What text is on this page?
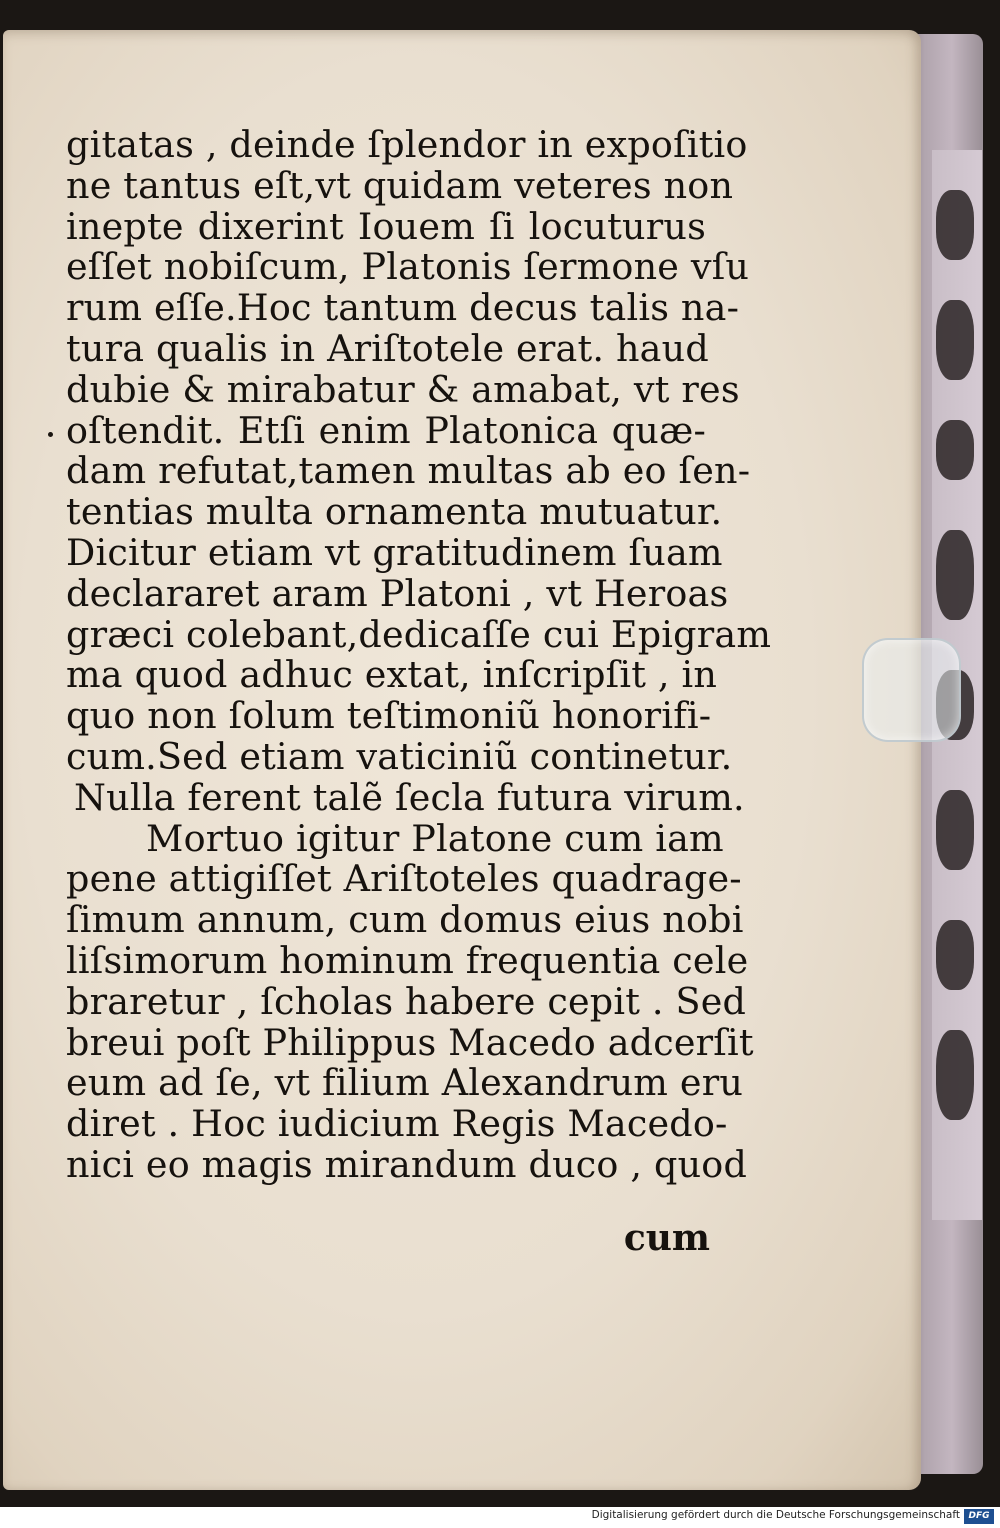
gitatas , deinde ſplendor in expoſitio
ne tantus eſt,vt quidam veteres non
inepte dixerint Iouem ſi locuturus
eſſet nobiſcum, Platonis ſermone vſu
rum eſſe.Hoc tantum decus talis na-
tura qualis in Ariſtotele erat. haud
dubie & mirabatur & amabat, vt res
oſtendit. Etſi enim Platonica quæ-
dam refutat,tamen multas ab eo ſen-
tentias multa ornamenta mutuatur.
Dicitur etiam vt gratitudinem ſuam
declararet aram Platoni , vt Heroas
græci colebant,dedicaſſe cui Epigram
ma quod adhuc extat, inſcripſit , in
quo non ſolum teſtimoniũ honorifi-
cum.Sed etiam vaticiniũ continetur.
Nulla ferent talẽ ſecla futura virum.
Mortuo igitur Platone cum iam
pene attigiſſet Ariſtoteles quadrage-
ſimum annum, cum domus eius nobi
liſsimorum hominum frequentia cele
braretur , ſcholas habere cepit . Sed
breui poſt Philippus Macedo adcerſit
eum ad ſe, vt filium Alexandrum eru
diret . Hoc iudicium Regis Macedo-
nici eo magis mirandum duco , quod
cum
Digitalisierung gefördert durch die Deutsche Forschungsgemeinschaft DFG
